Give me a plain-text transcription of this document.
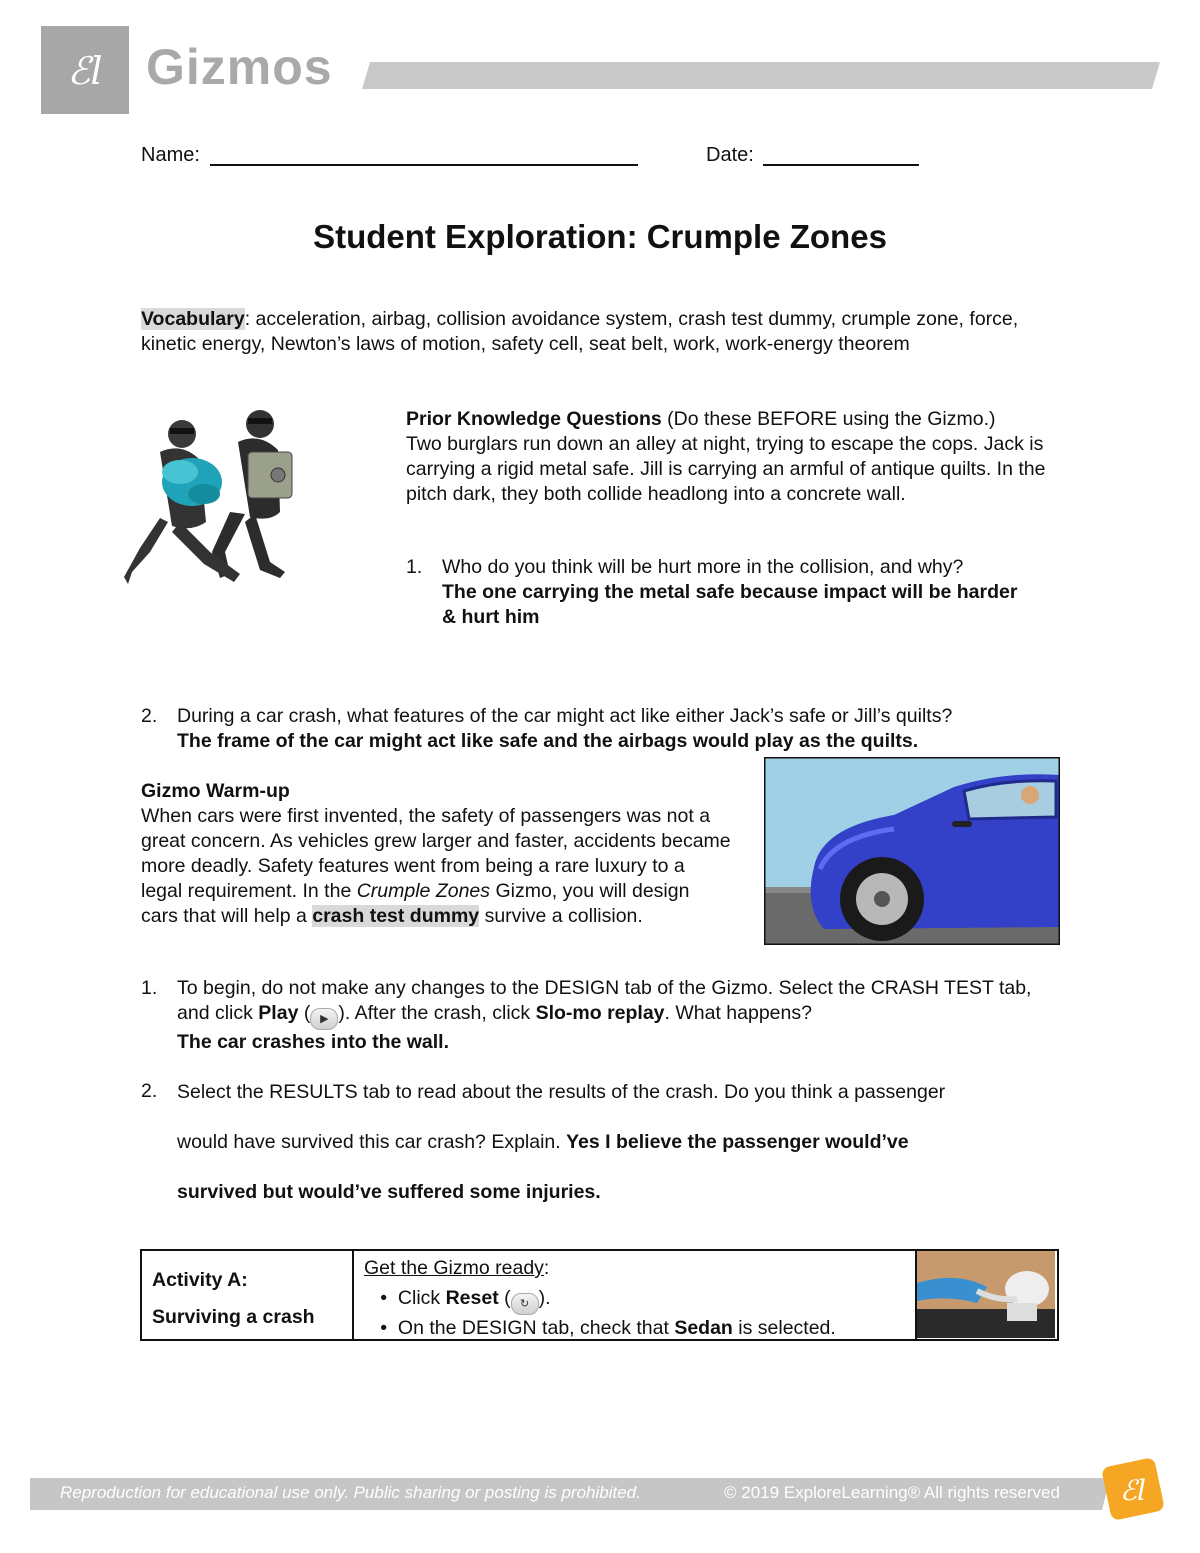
ℰl Gizmos
Name:	Date:
Student Exploration: Crumple Zones
Vocabulary: acceleration, airbag, collision avoidance system, crash test dummy, crumple zone, force, kinetic energy, Newton’s laws of motion, safety cell, seat belt, work, work-energy theorem
Prior Knowledge Questions (Do these BEFORE using the Gizmo.)
Two burglars run down an alley at night, trying to escape the cops. Jack is carrying a rigid metal safe. Jill is carrying an armful of antique quilts. In the pitch dark, they both collide headlong into a concrete wall.
1.	Who do you think will be hurt more in the collision, and why?
The one carrying the metal safe because impact will be harder & hurt him
2.	During a car crash, what features of the car might act like either Jack’s safe or Jill’s quilts?
The frame of the car might act like safe and the airbags would play as the quilts.
Gizmo Warm-up
When cars were first invented, the safety of passengers was not a great concern. As vehicles grew larger and faster, accidents became more deadly. Safety features went from being a rare luxury to a legal requirement. In the Crumple Zones Gizmo, you will design cars that will help a crash test dummy survive a collision.
1.	To begin, do not make any changes to the DESIGN tab of the Gizmo. Select the CRASH TEST tab, and click Play ( ▶ ). After the crash, click Slo-mo replay. What happens?
The car crashes into the wall.
2.	Select the RESULTS tab to read about the results of the crash. Do you think a passenger
would have survived this car crash? Explain. Yes I believe the passenger would’ve
survived but would’ve suffered some injuries.
Activity A:
Surviving a crash
Get the Gizmo ready:
•  Click Reset ( ↻ ).
•  On the DESIGN tab, check that Sedan is selected.
Reproduction for educational use only. Public sharing or posting is prohibited.	© 2019 ExploreLearning® All rights reserved ℰl
